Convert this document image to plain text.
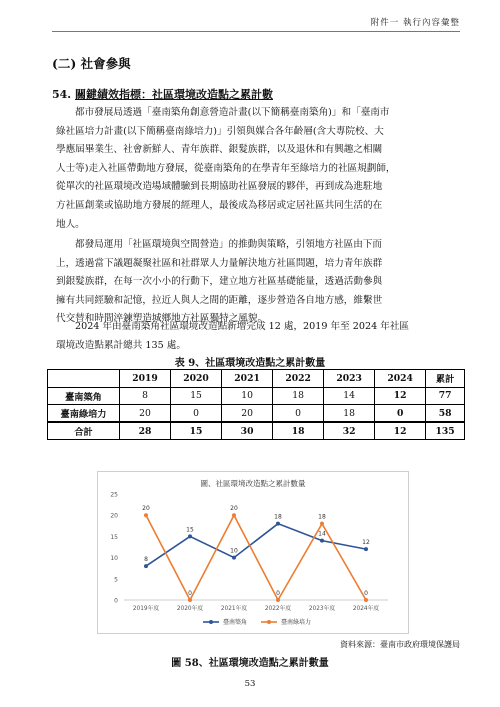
附件一 執行內容彙整
(二) 社會參與
54. 關鍵績效指標：社區環境改造點之累計數
都市發展局透過「臺南築角創意營造計畫(以下簡稱臺南築角)」和「臺南市
綠社區培力計畫(以下簡稱臺南綠培力)」引領與媒合各年齡層(含大專院校、大
學應屆畢業生、社會新鮮人、青年族群、銀髮族群，以及退休和有興趣之相關
人士等)走入社區帶動地方發展，從臺南築角的在學青年至綠培力的社區規劃師，
從單次的社區環境改造場域體驗到長期協助社區發展的夥伴，再到成為進駐地
方社區創業或協助地方發展的經理人，最後成為移居或定居社區共同生活的在
地人。
都發局運用「社區環境與空間營造」的推動與策略，引領地方社區由下而
上，透過當下議題凝聚社區和社群眾人力量解決地方社區問題，培力青年族群
到銀髮族群，在每一次小小的行動下，建立地方社區基礎能量，透過活動參與
擁有共同經驗和記憶，拉近人與人之間的距離，逐步營造各自地方感，維繫世
代交替和時間淬鍊塑造城鄉地方社區獨特之風貌。
2024 年由臺南築角社區環境改造點新增完成 12 處，2019 年至 2024 年社區
環境改造點累計總共 135 處。
表 9、社區環境改造點之累計數量
	2019	2020	2021	2022	2023	2024	累計
臺南築角	8	15	10	18	14	12	77
臺南綠培力	20	0	20	0	18	0	58
合計	28	15	30	18	32	12	135
圖、社區環境改造點之累計數量
0
5
10
15
20
25
2019年度	2020年度	2021年度	2022年度	2023年度	2024年度
8
15
10
18
14
12
20
0
20
0
18
0
臺南築角	臺南綠培力
資料來源：臺南市政府環境保護局
圖 58、社區環境改造點之累計數量
53
